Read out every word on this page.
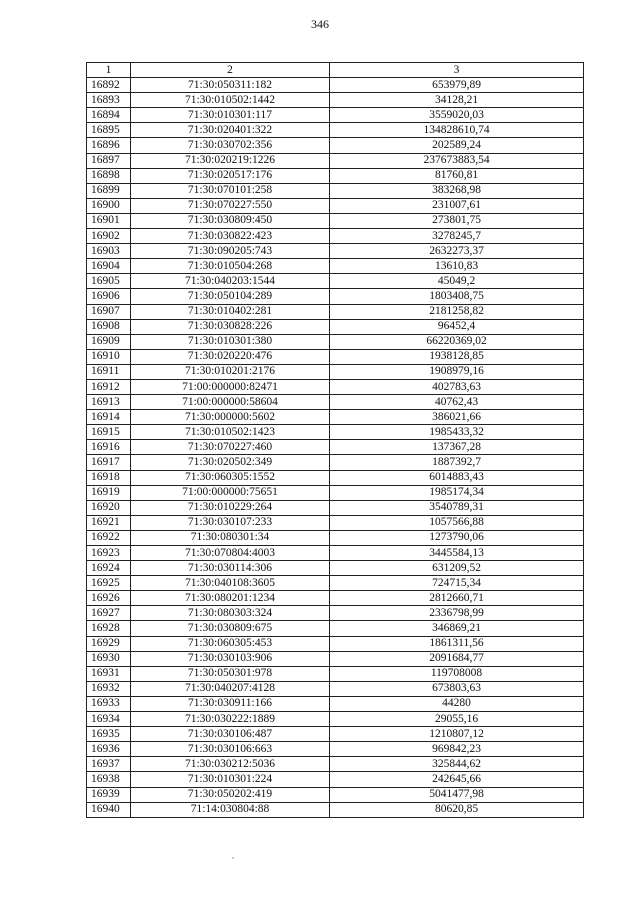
346
1	2	3
16892	71:30:050311:182	653979,89
16893	71:30:010502:1442	34128,21
16894	71:30:010301:117	3559020,03
16895	71:30:020401:322	134828610,74
16896	71:30:030702:356	202589,24
16897	71:30:020219:1226	237673883,54
16898	71:30:020517:176	81760,81
16899	71:30:070101:258	383268,98
16900	71:30:070227:550	231007,61
16901	71:30:030809:450	273801,75
16902	71:30:030822:423	3278245,7
16903	71:30:090205:743	2632273,37
16904	71:30:010504:268	13610,83
16905	71:30:040203:1544	45049,2
16906	71:30:050104:289	1803408,75
16907	71:30:010402:281	2181258,82
16908	71:30:030828:226	96452,4
16909	71:30:010301:380	66220369,02
16910	71:30:020220:476	1938128,85
16911	71:30:010201:2176	1908979,16
16912	71:00:000000:82471	402783,63
16913	71:00:000000:58604	40762,43
16914	71:30:000000:5602	386021,66
16915	71:30:010502:1423	1985433,32
16916	71:30:070227:460	137367,28
16917	71:30:020502:349	1887392,7
16918	71:30:060305:1552	6014883,43
16919	71:00:000000:75651	1985174,34
16920	71:30:010229:264	3540789,31
16921	71:30:030107:233	1057566,88
16922	71:30:080301:34	1273790,06
16923	71:30:070804:4003	3445584,13
16924	71:30:030114:306	631209,52
16925	71:30:040108:3605	724715,34
16926	71:30:080201:1234	2812660,71
16927	71:30:080303:324	2336798,99
16928	71:30:030809:675	346869,21
16929	71:30:060305:453	1861311,56
16930	71:30:030103:906	2091684,77
16931	71:30:050301:978	119708008
16932	71:30:040207:4128	673803,63
16933	71:30:030911:166	44280
16934	71:30:030222:1889	29055,16
16935	71:30:030106:487	1210807,12
16936	71:30:030106:663	969842,23
16937	71:30:030212:5036	325844,62
16938	71:30:010301:224	242645,66
16939	71:30:050202:419	5041477,98
16940	71:14:030804:88	80620,85
